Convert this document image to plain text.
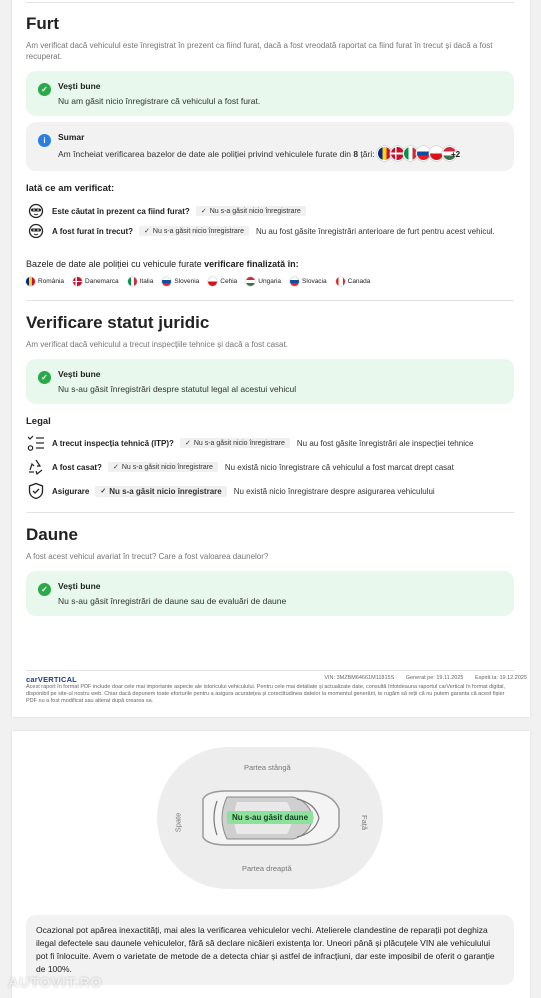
Furt

Am verificat dacă vehiculul este înregistrat în prezent ca fiind furat, dacă a fost vreodată raportat ca fiind furat în trecut și dacă a fost recuperat.

✓	Vești bune
Nu am găsit nicio înregistrare că vehiculul a fost furat.
i	Sumar
Am încheiat verificarea bazelor de date ale poliției privind vehiculele furate din 8 țări:	+2
Iată ce am verificat:
Este căutat în prezent ca fiind furat? ✓ Nu s-a găsit nicio înregistrare
A fost furat în trecut? ✓ Nu s-a găsit nicio înregistrare Nu au fost găsite înregistrări anterioare de furt pentru acest vehicul.
Bazele de date ale poliției cu vehicule furate verificare finalizată în:
România	Danemarca	Italia	Slovenia	Cehia	Ungaria	Slovacia	Canada
Verificare statut juridic

Am verificat dacă vehiculul a trecut inspecțiile tehnice și dacă a fost casat.

✓	Vești bune
Nu s-au găsit înregistrări despre statutul legal al acestui vehicul
Legal
A trecut inspecția tehnică (ITP)? ✓ Nu s-a găsit nicio înregistrare Nu au fost găsite înregistrări ale inspecției tehnice
A fost casat? ✓ Nu s-a găsit nicio înregistrare Nu există nicio înregistrare că vehiculul a fost marcat drept casat
Asigurare ✓ Nu s-a găsit nicio înregistrare Nu există nicio înregistrare despre asigurarea vehiculului
Daune

A fost acest vehicul avariat în trecut? Care a fost valoarea daunelor?

✓	Vești bune
Nu s-au găsit înregistrări de daune sau de evaluări de daune
carVERTICAL	VIN: 3MZBM64661M11815S Generat pe: 19.11.2025 Expiră la: 19.12.2025

Acest raport în format PDF include doar cele mai importante aspecte ale istoricului vehiculului. Pentru cele mai detaliate și actualizate date, consultă întotdeauna raportul carVertical în format digital, disponibil pe site-ul nostru web. Chiar dacă depunem toate eforturile pentru a asigura acuratețea și corectitudinea datelor la momentul generării, te rugăm să reții că nu putem garanta că acest fișier PDF nu a fost modificat sau alterat după crearea sa.

Partea stângă
Partea dreaptă
Spate	Față
Nu s-au găsit daune

Ocazional pot apărea inexactități, mai ales la verificarea vehiculelor vechi. Atelierele clandestine de reparații pot deghiza ilegal defectele sau daunele vehiculelor, fără să declare nicăieri existența lor. Uneori până și plăcuțele VIN ale vehiculului pot fi înlocuite. Avem o varietate de metode de a detecta chiar și astfel de infracțiuni, dar este imposibil de oferit o garanție de 100%.

AUTOVIT.RO
